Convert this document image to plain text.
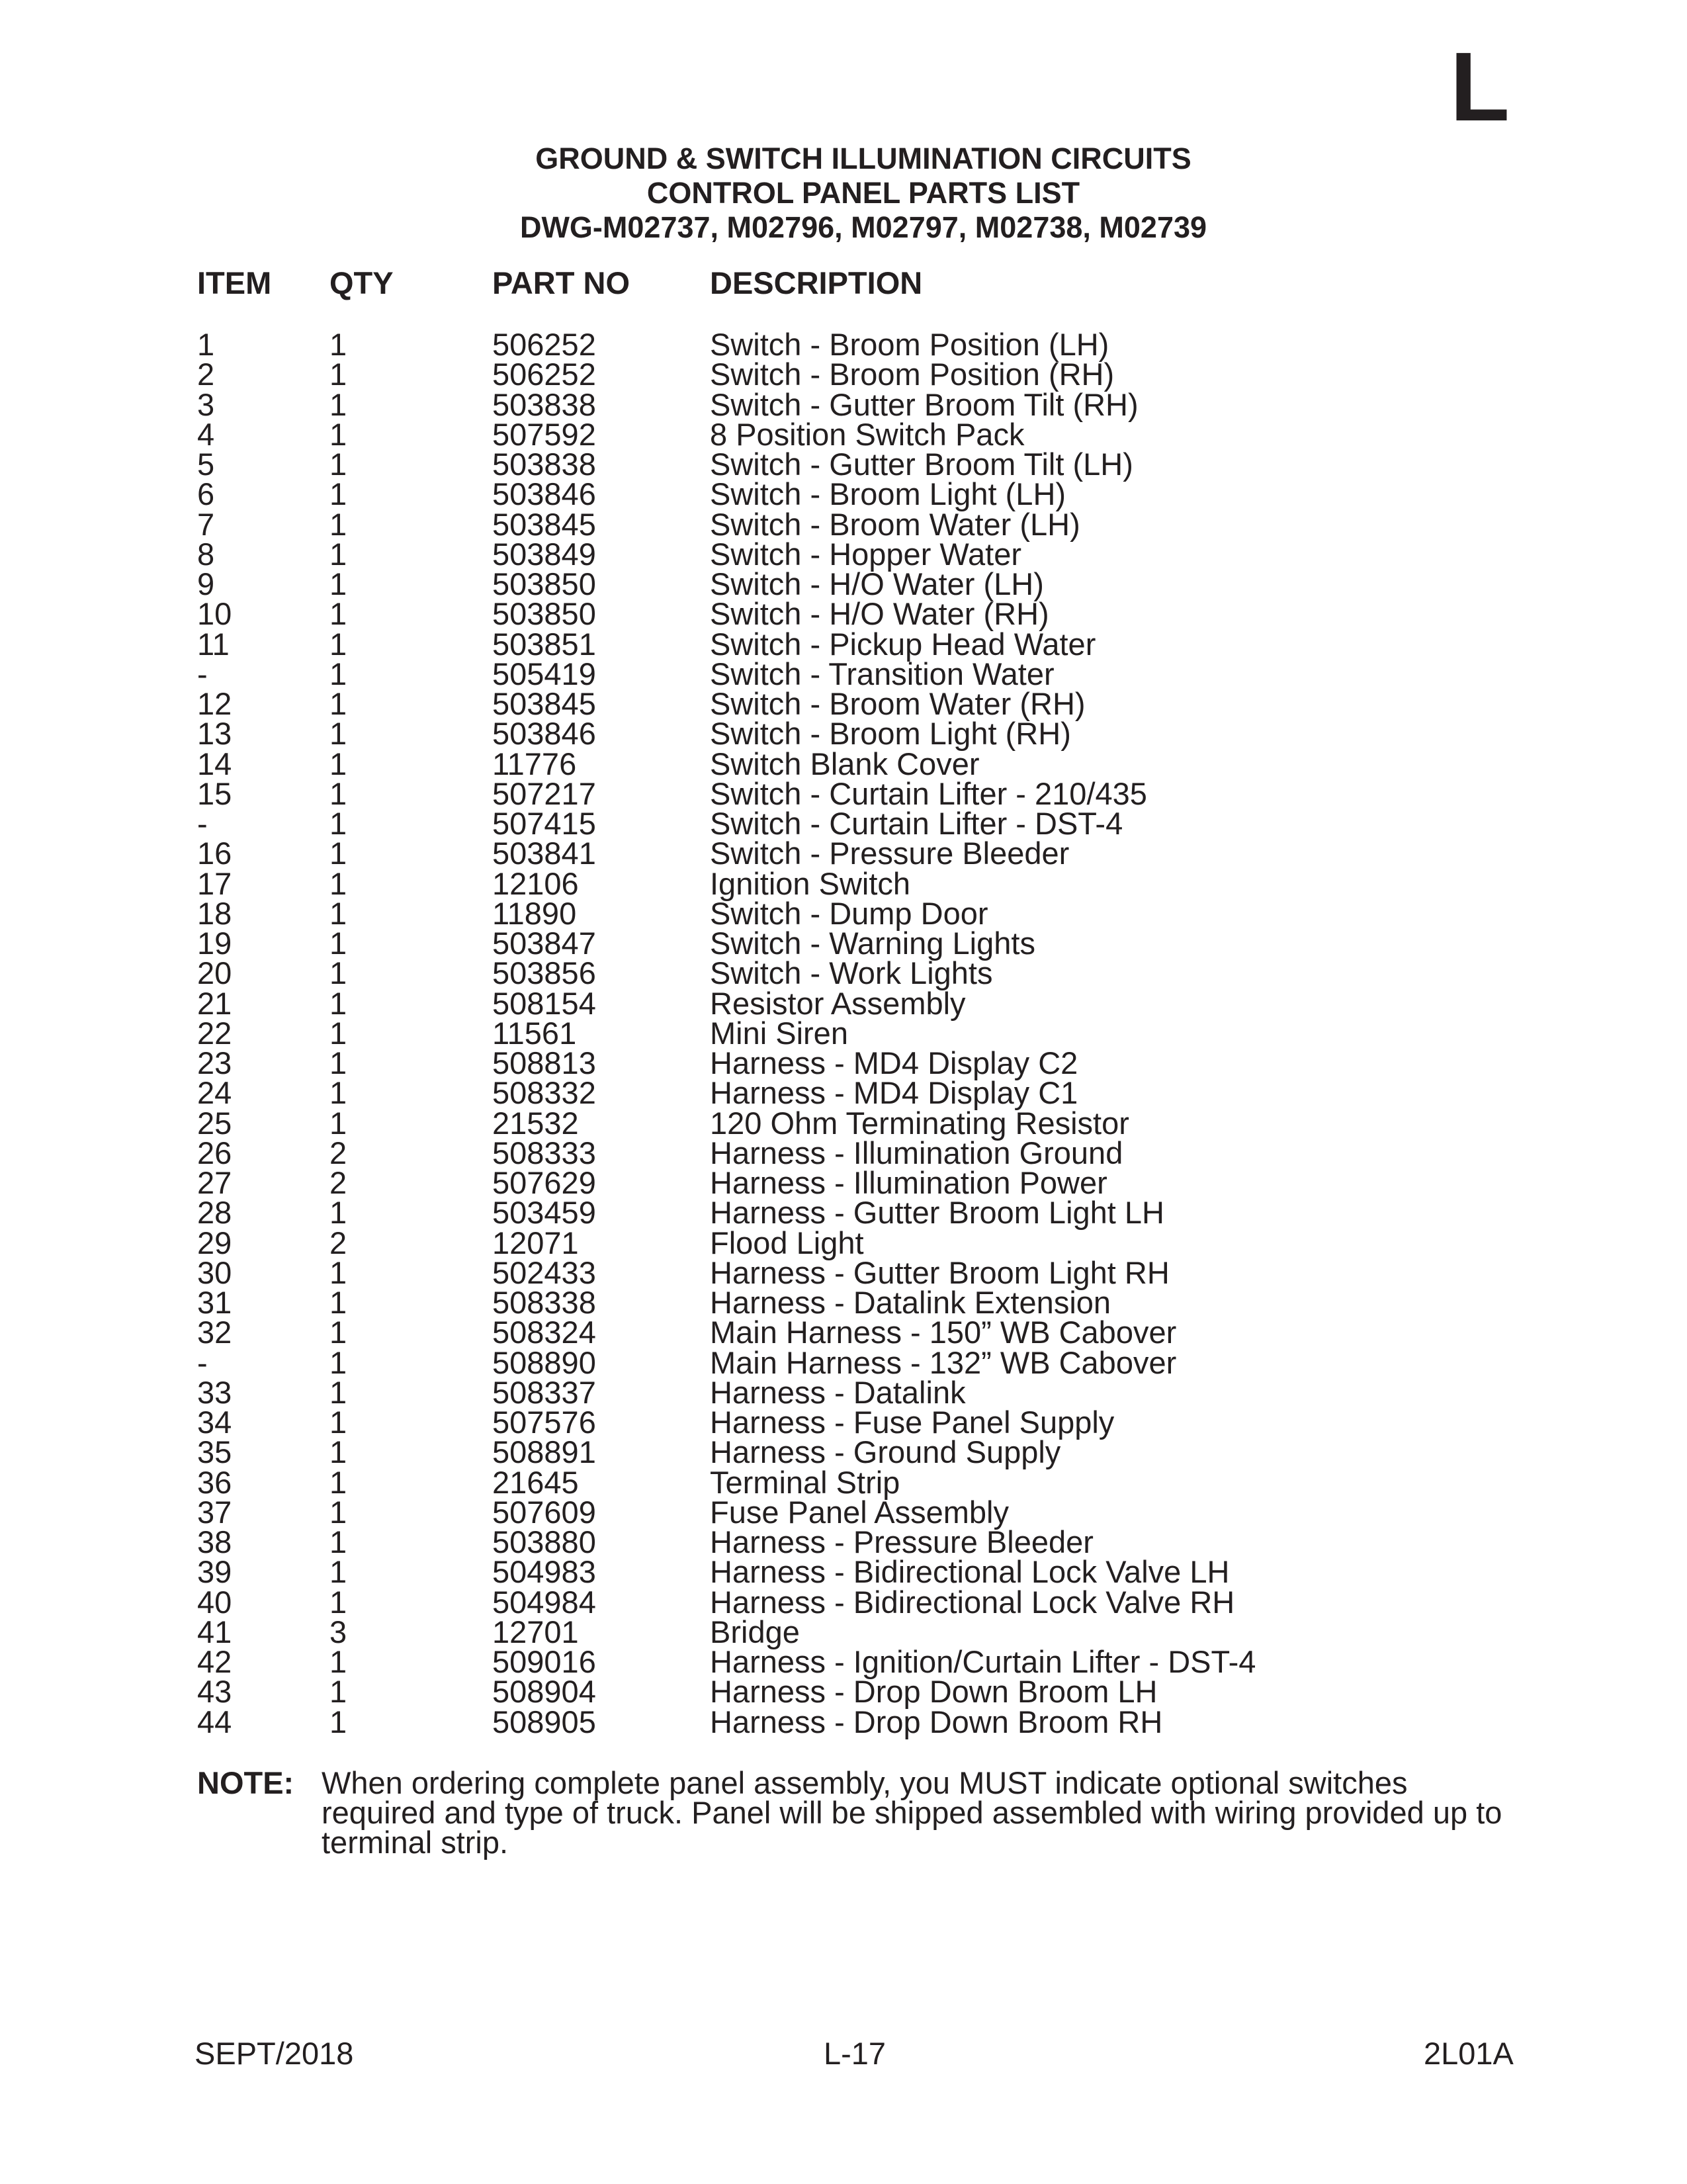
L
GROUND & SWITCH ILLUMINATION CIRCUITS
CONTROL PANEL PARTS LIST
DWG-M02737, M02796, M02797, M02738, M02739
ITEM QTY	PART NO	DESCRIPTION
1	1	506252	Switch - Broom Position (LH)
2	1	506252	Switch - Broom Position (RH)
3	1	503838	Switch - Gutter Broom Tilt (RH)
4	1	507592	8 Position Switch Pack
5	1	503838	Switch - Gutter Broom Tilt (LH)
6	1	503846	Switch - Broom Light (LH)
7	1	503845	Switch - Broom Water (LH)
8	1	503849	Switch - Hopper Water
9	1	503850	Switch - H/O Water (LH)
10	1	503850	Switch - H/O Water (RH)
11	1	503851	Switch - Pickup Head Water
-	1	505419	Switch - Transition Water
12	1	503845	Switch - Broom Water (RH)
13	1	503846	Switch - Broom Light (RH)
14	1	11776	Switch Blank Cover
15	1	507217	Switch - Curtain Lifter - 210/435
-	1	507415	Switch - Curtain Lifter - DST-4
16	1	503841	Switch - Pressure Bleeder
17	1	12106	Ignition Switch
18	1	11890	Switch - Dump Door
19	1	503847	Switch - Warning Lights
20	1	503856	Switch - Work Lights
21	1	508154	Resistor Assembly
22	1	11561	Mini Siren
23	1	508813	Harness - MD4 Display C2
24	1	508332	Harness - MD4 Display C1
25	1	21532	120 Ohm Terminating Resistor
26	2	508333	Harness - Illumination Ground
27	2	507629	Harness - Illumination Power
28	1	503459	Harness - Gutter Broom Light LH
29	2	12071	Flood Light
30	1	502433	Harness - Gutter Broom Light RH
31	1	508338	Harness - Datalink Extension
32	1	508324	Main Harness - 150” WB Cabover
-	1	508890	Main Harness - 132” WB Cabover
33	1	508337	Harness - Datalink
34	1	507576	Harness - Fuse Panel Supply
35	1	508891	Harness - Ground Supply
36	1	21645	Terminal Strip
37	1	507609	Fuse Panel Assembly
38	1	503880	Harness - Pressure Bleeder
39	1	504983	Harness - Bidirectional Lock Valve LH
40	1	504984	Harness - Bidirectional Lock Valve RH
41	3	12701	Bridge
42	1	509016	Harness - Ignition/Curtain Lifter - DST-4
43	1	508904	Harness - Drop Down Broom LH
44	1	508905	Harness - Drop Down Broom RH
NOTE: When ordering complete panel assembly, you MUST indicate optional switches required and type of truck. Panel will be shipped assembled with wiring provided up to terminal strip.
SEPT/2018	L-17	2L01A
